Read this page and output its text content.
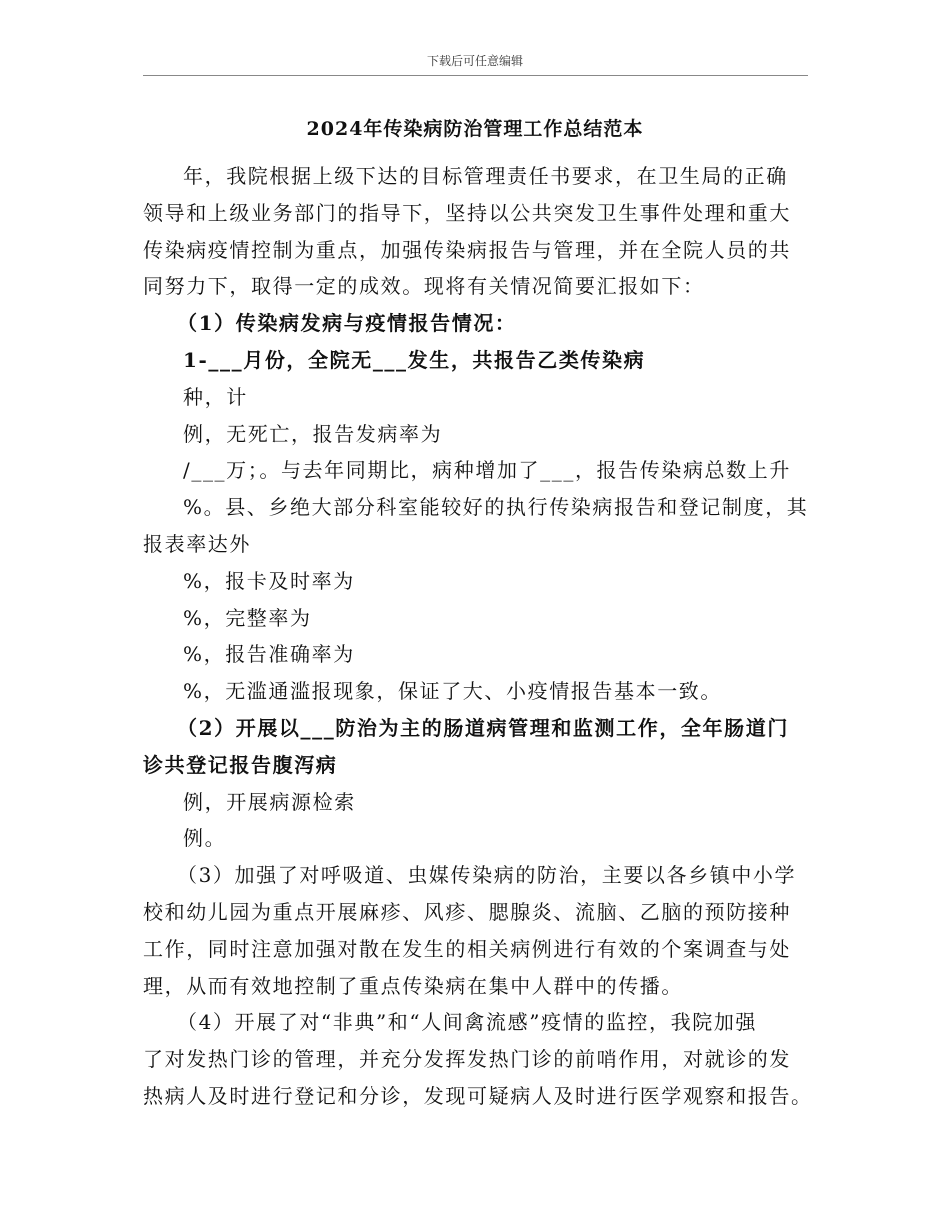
下载后可任意编辑
2024年传染病防治管理工作总结范本

年，我院根据上级下达的目标管理责任书要求，在卫生局的正确

领导和上级业务部门的指导下，坚持以公共突发卫生事件处理和重大

传染病疫情控制为重点，加强传染病报告与管理，并在全院人员的共

同努力下，取得一定的成效。现将有关情况简要汇报如下：

（1）传染病发病与疫情报告情况：

1-___月份，全院无___发生，共报告乙类传染病

种，计

例，无死亡，报告发病率为

/___万；。与去年同期比，病种增加了___，报告传染病总数上升

%。县、乡绝大部分科室能较好的执行传染病报告和登记制度，其

报表率达外

%，报卡及时率为

%，完整率为

%，报告准确率为

%，无滥通滥报现象，保证了大、小疫情报告基本一致。

（2）开展以___防治为主的肠道病管理和监测工作，全年肠道门

诊共登记报告腹泻病

例，开展病源检索

例。

（3）加强了对呼吸道、虫媒传染病的防治，主要以各乡镇中小学

校和幼儿园为重点开展麻疹、风疹、腮腺炎、流脑、乙脑的预防接种

工作，同时注意加强对散在发生的相关病例进行有效的个案调查与处

理，从而有效地控制了重点传染病在集中人群中的传播。

（4）开展了对“非典”和“人间禽流感”疫情的监控，我院加强

了对发热门诊的管理，并充分发挥发热门诊的前哨作用，对就诊的发

热病人及时进行登记和分诊，发现可疑病人及时进行医学观察和报告。
